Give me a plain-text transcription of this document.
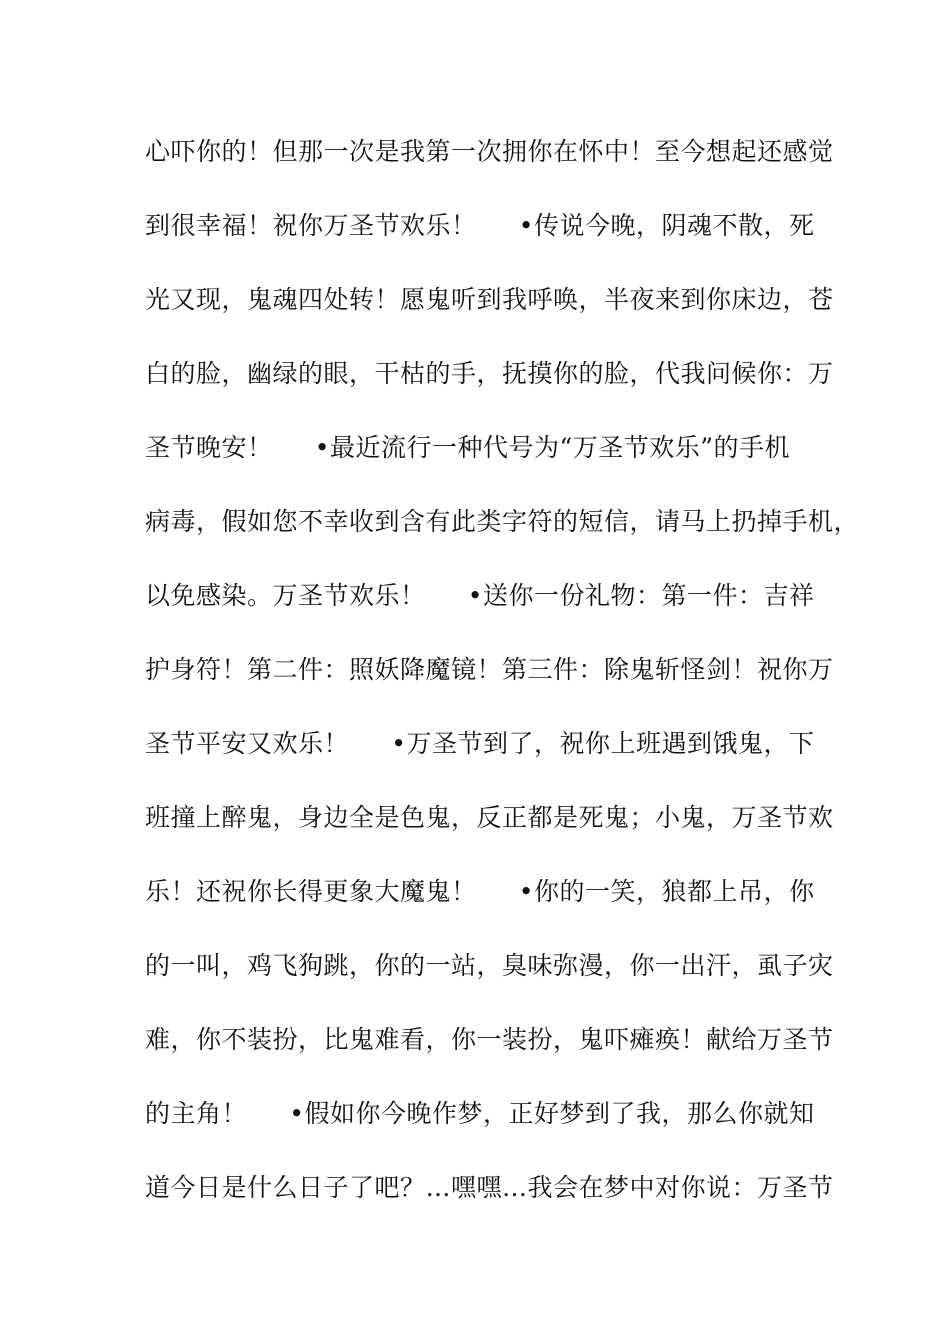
心吓你的！但那一次是我第一次拥你在怀中！至今想起还感觉
到很幸福！祝你万圣节欢乐！     •传说今晚，阴魂不散，死
光又现，鬼魂四处转！愿鬼听到我呼唤，半夜来到你床边，苍
白的脸，幽绿的眼，干枯的手，抚摸你的脸，代我问候你：万
圣节晚安！     •最近流行一种代号为“万圣节欢乐”的手机
病毒，假如您不幸收到含有此类字符的短信，请马上扔掉手机，
以免感染。万圣节欢乐！     •送你一份礼物：第一件：吉祥
护身符！第二件：照妖降魔镜！第三件：除鬼斩怪剑！祝你万
圣节平安又欢乐！     •万圣节到了，祝你上班遇到饿鬼，下
班撞上醉鬼，身边全是色鬼，反正都是死鬼；小鬼，万圣节欢
乐！还祝你长得更象大魔鬼！     •你的一笑，狼都上吊，你
的一叫，鸡飞狗跳，你的一站，臭味弥漫，你一出汗，虱子灾
难，你不装扮，比鬼难看，你一装扮，鬼吓瘫痪！献给万圣节
的主角！     •假如你今晚作梦，正好梦到了我，那么你就知
道今日是什么日子了吧？…嘿嘿…我会在梦中对你说：万圣节
